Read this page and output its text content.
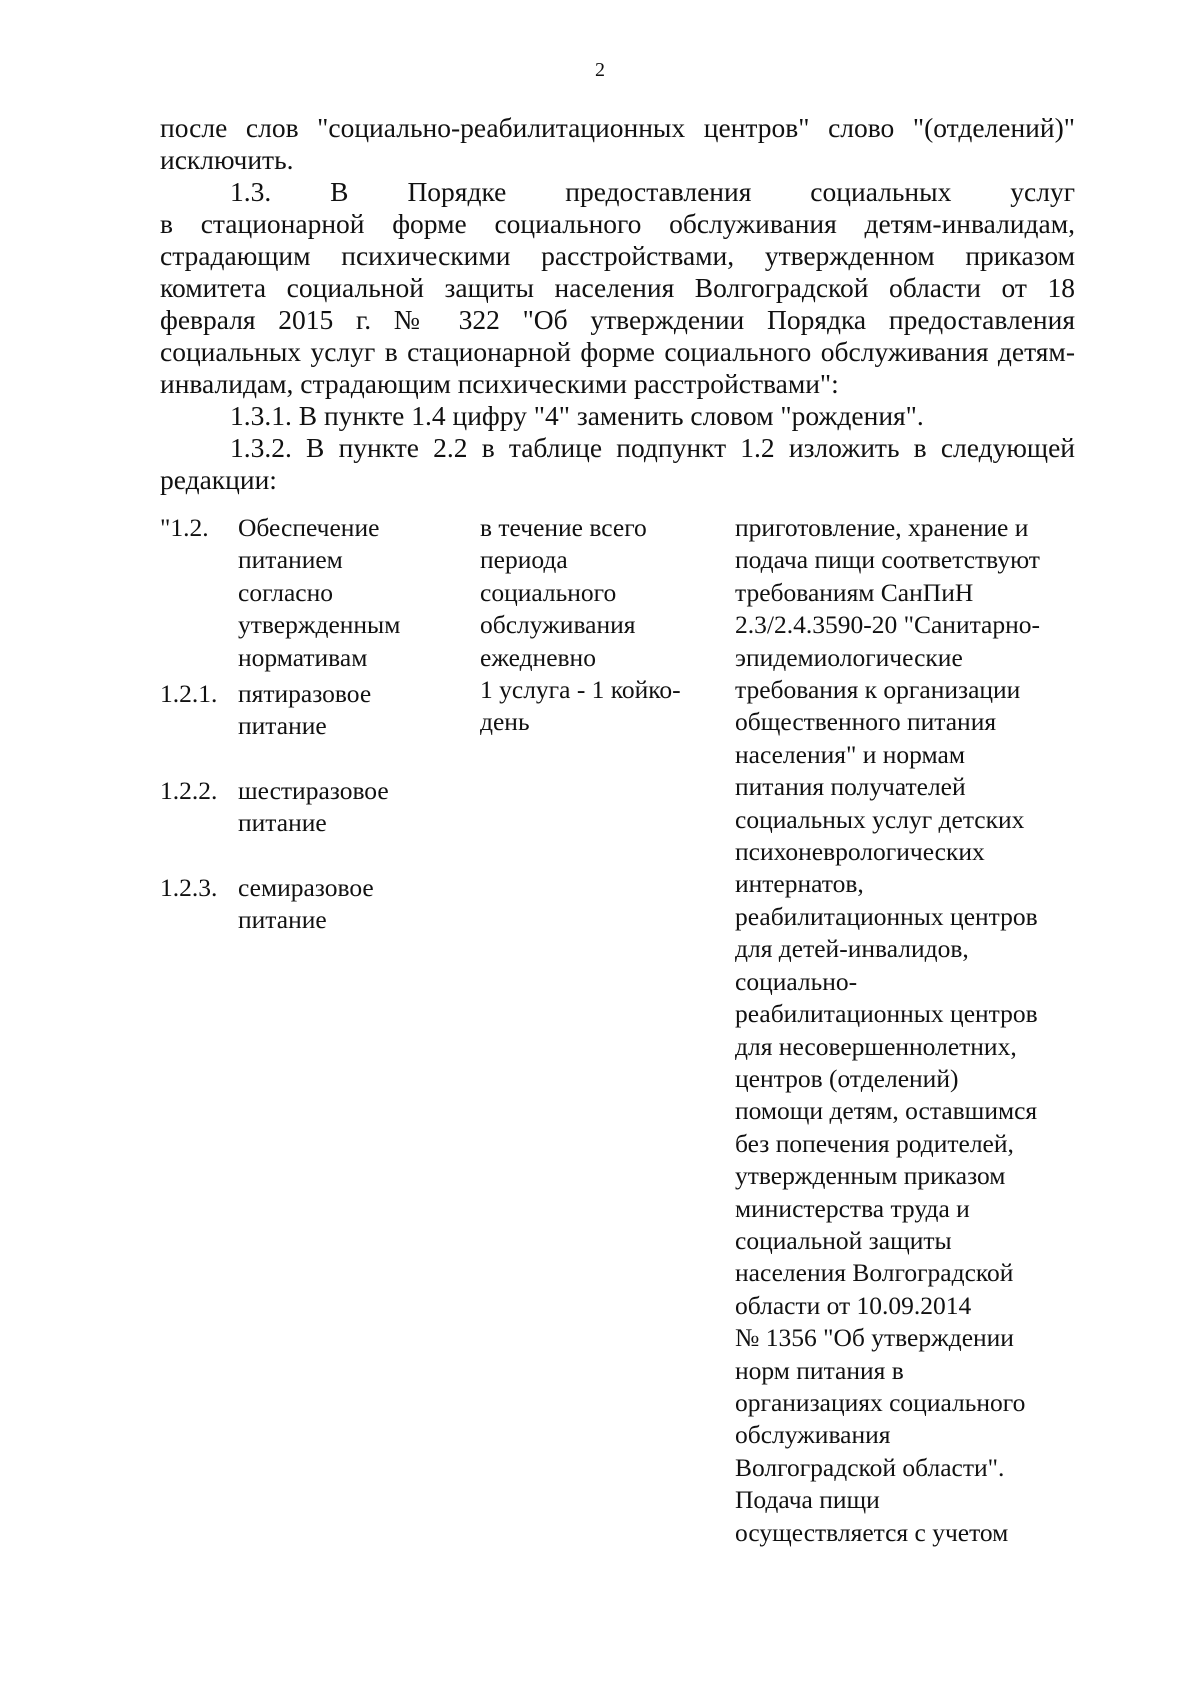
2

после слов "социально-реабилитационных центров" слово "(отделений)" исключить.

1.3. В Порядке предоставления социальных услуг

в стационарной форме социального обслуживания детям-инвалидам, страдающим психическими расстройствами, утвержденном приказом комитета социальной защиты населения Волгоградской области от 18 февраля 2015 г. № 322 "Об утверждении Порядка предоставления социальных услуг в стационарной форме социального обслуживания детям-инвалидам, страдающим психическими расстройствами":

1.3.1. В пункте 1.4 цифру "4" заменить словом "рождения".

1.3.2. В пункте 2.2 в таблице подпункт 1.2 изложить в следующей редакции:

"1.2. Обеспечение
питанием
согласно
утвержденным
нормативам
1.2.1. пятиразовое
питание
1.2.2. шестиразовое
питание
1.2.3. семиразовое
питание
в течение всего
периода
социального
обслуживания
ежедневно
1 услуга - 1 койко-
день
приготовление, хранение и
подача пищи соответствуют
требованиям СанПиН
2.3/2.4.3590-20 "Санитарно-
эпидемиологические
требования к организации
общественного питания
населения" и нормам
питания получателей
социальных услуг детских
психоневрологических
интернатов,
реабилитационных центров
для детей-инвалидов,
социально-
реабилитационных центров
для несовершеннолетних,
центров (отделений)
помощи детям, оставшимся
без попечения родителей,
утвержденным приказом
министерства труда и
социальной защиты
населения Волгоградской
области от 10.09.2014
№ 1356 "Об утверждении
норм питания в
организациях социального
обслуживания
Волгоградской области".
Подача пищи
осуществляется с учетом
